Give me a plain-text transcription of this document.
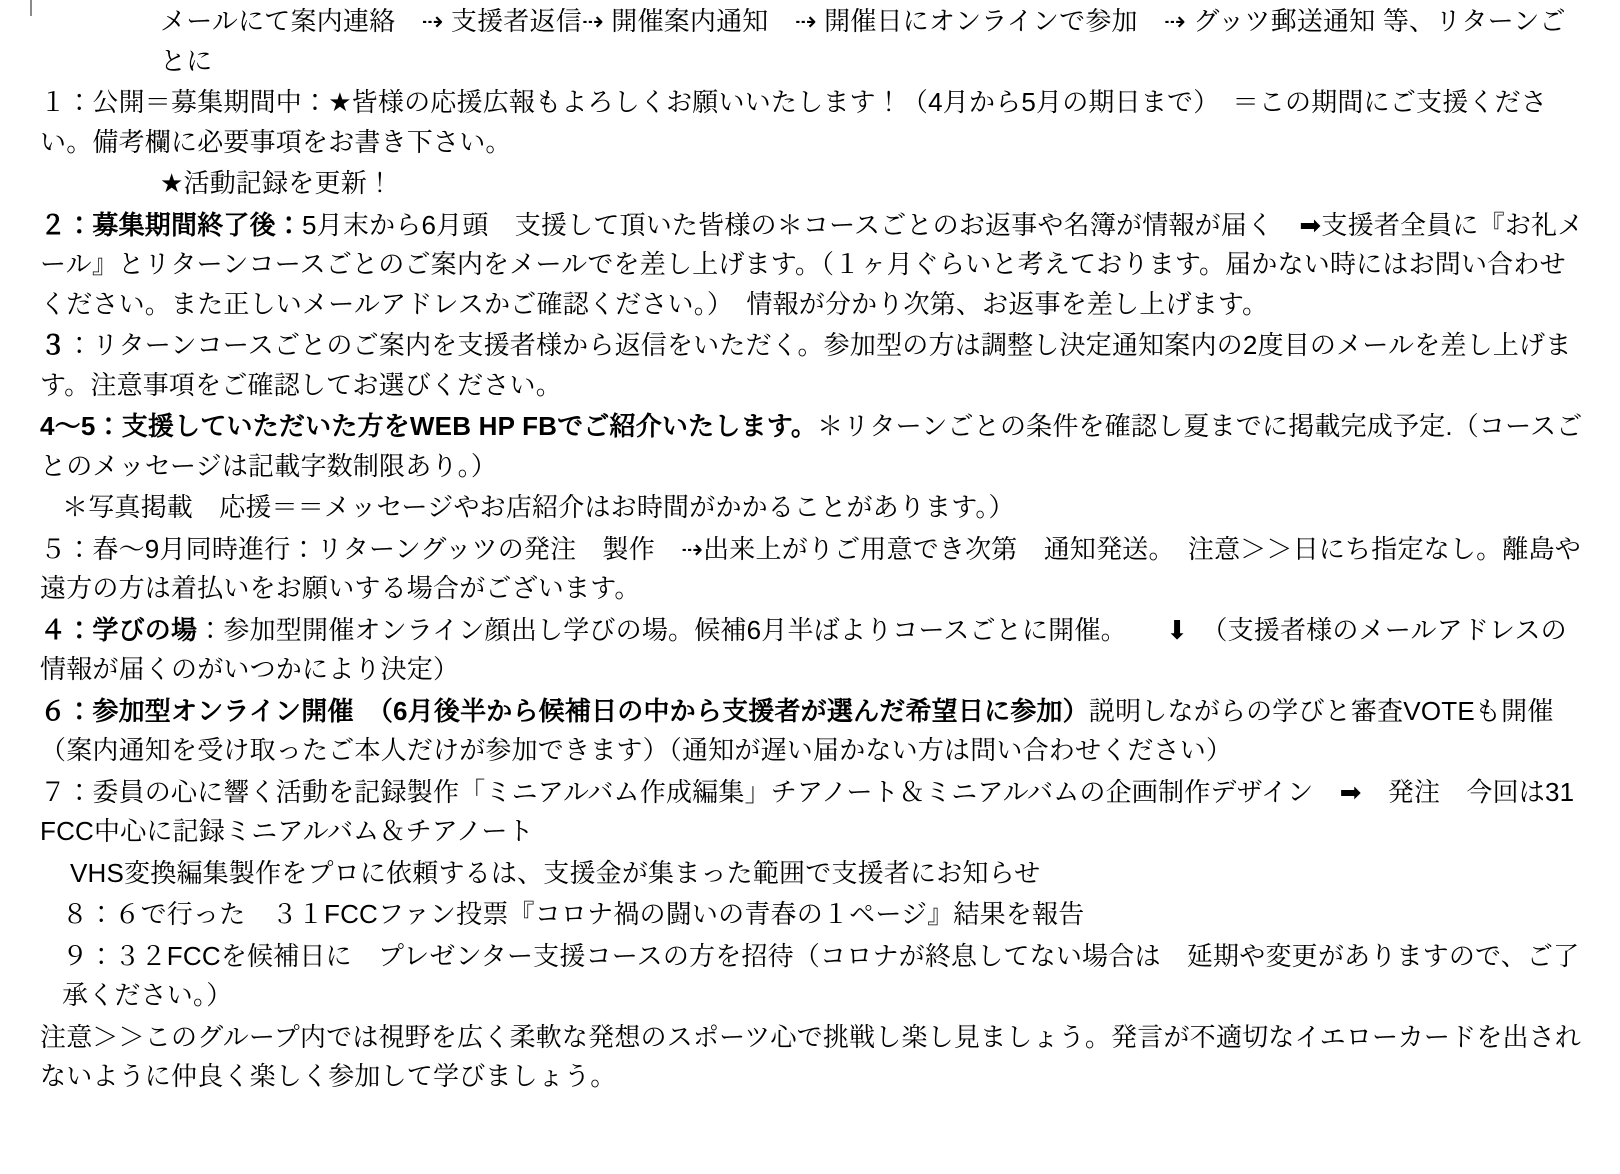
メールにて案内連絡　⇢ 支援者返信⇢ 開催案内通知　⇢ 開催日にオンラインで参加　⇢ グッツ郵送通知 等、リターンごとに
１：公開＝募集期間中：★皆様の応援広報もよろしくお願いいたします！（4月から5月の期日まで）　＝この期間にご支援ください。備考欄に必要事項をお書き下さい。
★活動記録を更新！
２：募集期間終了後：5月末から6月頭　支援して頂いた皆様の＊コースごとのお返事や名簿が情報が届く　➡支援者全員に『お礼メール』とリターンコースごとのご案内をメールでを差し上げます。（１ヶ月ぐらいと考えております。届かない時にはお問い合わせください。また正しいメールアドレスかご確認ください。）　情報が分かり次第、お返事を差し上げます。
３：リターンコースごとのご案内を支援者様から返信をいただく。参加型の方は調整し決定通知案内の2度目のメールを差し上げます。注意事項をご確認してお選びください。
4〜5：支援していただいた方をWEB HP FBでご紹介いたします。＊リターンごとの条件を確認し夏までに掲載完成予定.（コースごとのメッセージは記載字数制限あり。）
＊写真掲載　応援＝＝メッセージやお店紹介はお時間がかかることがあります。）
５：春〜9月同時進行：リターングッツの発注　製作　⇢出来上がりご用意でき次第　通知発送。　注意＞＞日にち指定なし。離島や遠方の方は着払いをお願いする場合がございます。
４：学びの場：参加型開催オンライン顔出し学びの場。候補6月半ばよりコースごとに開催。　　⬇　（支援者様のメールアドレスの情報が届くのがいつかにより決定）
６：参加型オンライン開催　（6月後半から候補日の中から支援者が選んだ希望日に参加）説明しながらの学びと審査VOTEも開催（案内通知を受け取ったご本人だけが参加できます）（通知が遅い届かない方は問い合わせください）
７：委員の心に響く活動を記録製作「ミニアルバム作成編集」チアノート＆ミニアルバムの企画制作デザイン　➡　発注　今回は31FCC中心に記録ミニアルバム＆チアノート
VHS変換編集製作をプロに依頼するは、支援金が集まった範囲で支援者にお知らせ
８：６で行った　３１FCCファン投票『コロナ禍の闘いの青春の１ページ』結果を報告
９：３２FCCを候補日に　プレゼンター支援コースの方を招待（コロナが終息してない場合は　延期や変更がありますので、ご了承ください。）
注意＞＞このグループ内では視野を広く柔軟な発想のスポーツ心で挑戦し楽し見ましょう。発言が不適切なイエローカードを出されないように仲良く楽しく参加して学びましょう。
